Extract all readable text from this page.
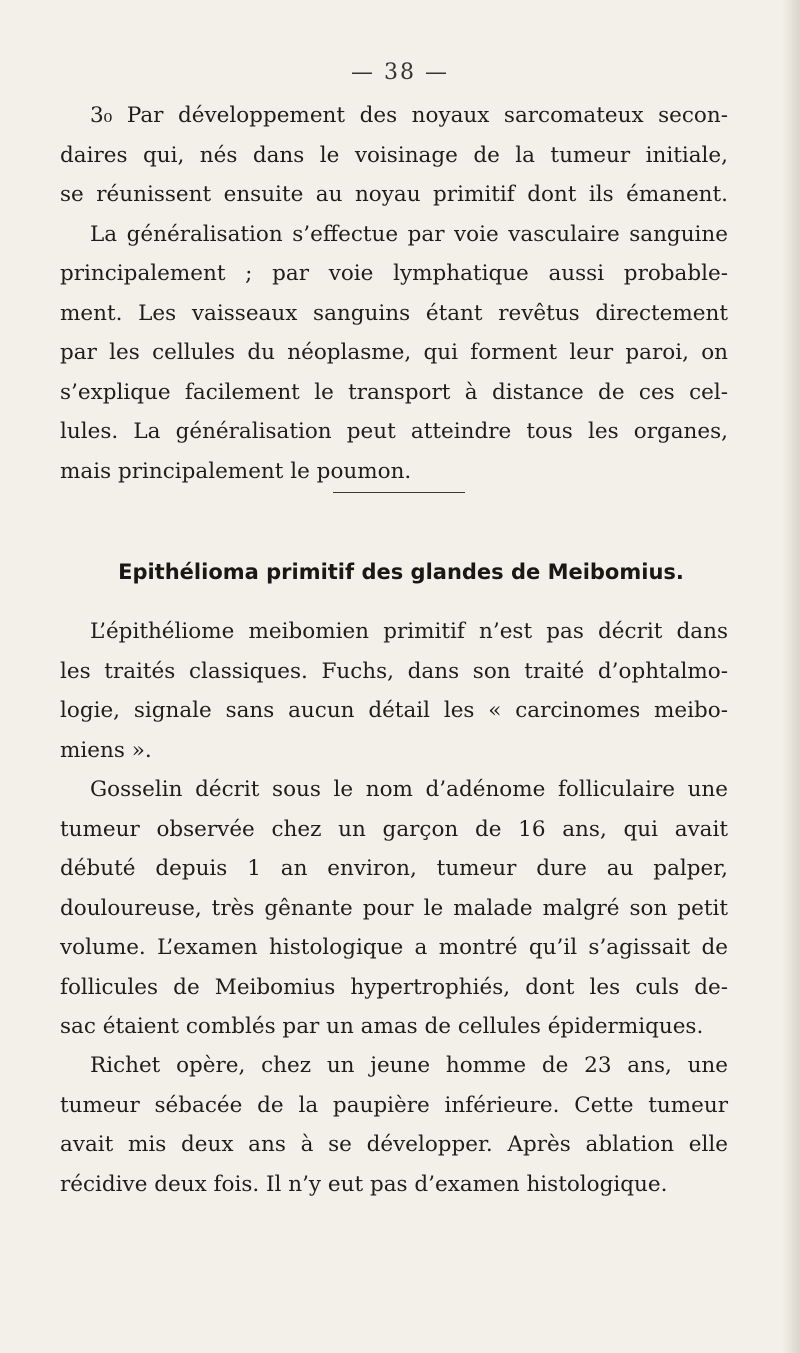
— 38 —
3₀ Par développement des noyaux sarcomateux secon-
daires qui, nés dans le voisinage de la tumeur initiale,
se réunissent ensuite au noyau primitif dont ils émanent.
La généralisation s’effectue par voie vasculaire sanguine
principalement ; par voie lymphatique aussi probable-
ment. Les vaisseaux sanguins étant revêtus directement
par les cellules du néoplasme, qui forment leur paroi, on
s’explique facilement le transport à distance de ces cel-
lules. La généralisation peut atteindre tous les organes,
mais principalement le poumon.
Epithélioma primitif des glandes de Meibomius.
L’épithéliome meibomien primitif n’est pas décrit dans
les traités classiques. Fuchs, dans son traité d’ophtalmo-
logie, signale sans aucun détail les « carcinomes meibo-
miens ».
Gosselin décrit sous le nom d’adénome folliculaire une
tumeur observée chez un garçon de 16 ans, qui avait
débuté depuis 1 an environ, tumeur dure au palper,
douloureuse, très gênante pour le malade malgré son petit
volume. L’examen histologique a montré qu’il s’agissait de
follicules de Meibomius hypertrophiés, dont les culs de-
sac étaient comblés par un amas de cellules épidermiques.
Richet opère, chez un jeune homme de 23 ans, une
tumeur sébacée de la paupière inférieure. Cette tumeur
avait mis deux ans à se développer. Après ablation elle
récidive deux fois. Il n’y eut pas d’examen histologique.
